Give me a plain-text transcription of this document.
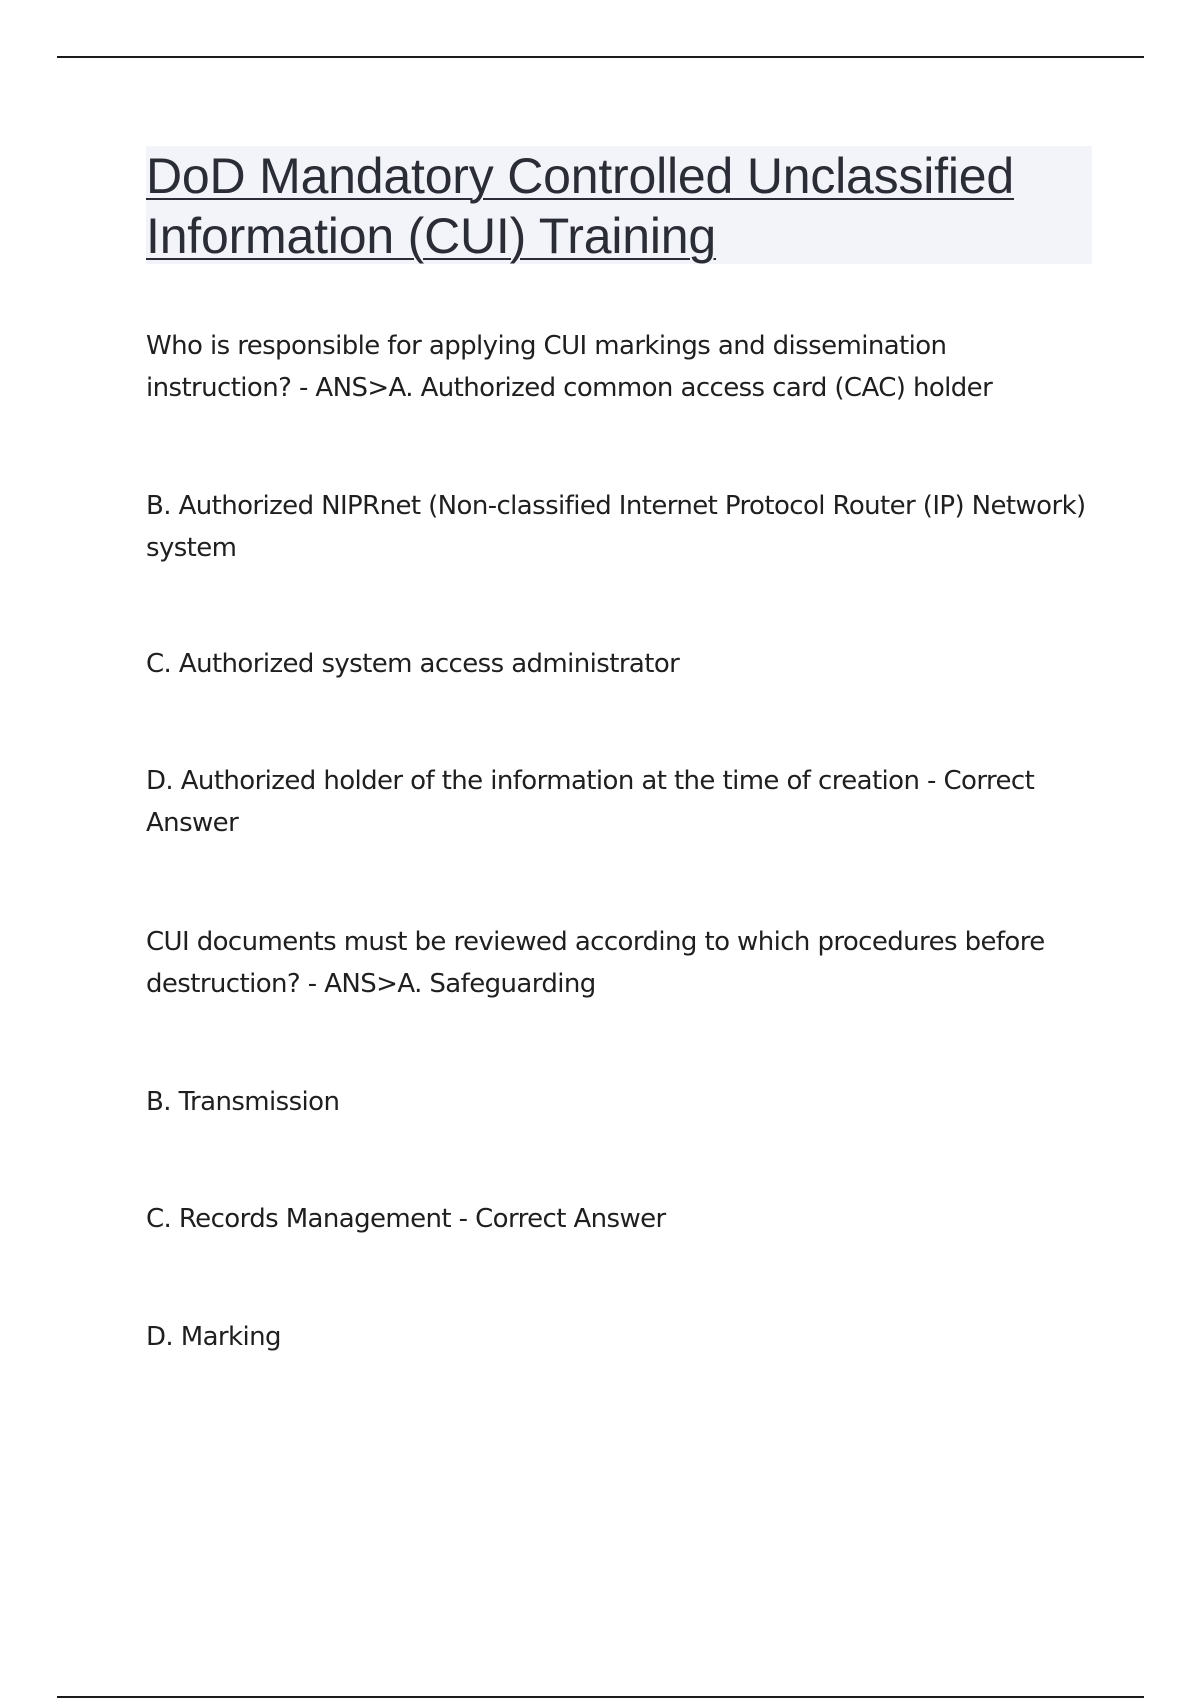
DoD Mandatory Controlled Unclassified Information (CUI) Training

Who is responsible for applying CUI markings and dissemination instruction? - ANS>A. Authorized common access card (CAC) holder

B. Authorized NIPRnet (Non-classified Internet Protocol Router (IP) Network) system

C. Authorized system access administrator

D. Authorized holder of the information at the time of creation - Correct Answer

CUI documents must be reviewed according to which procedures before destruction? - ANS>A. Safeguarding

B. Transmission

C. Records Management - Correct Answer

D. Marking
